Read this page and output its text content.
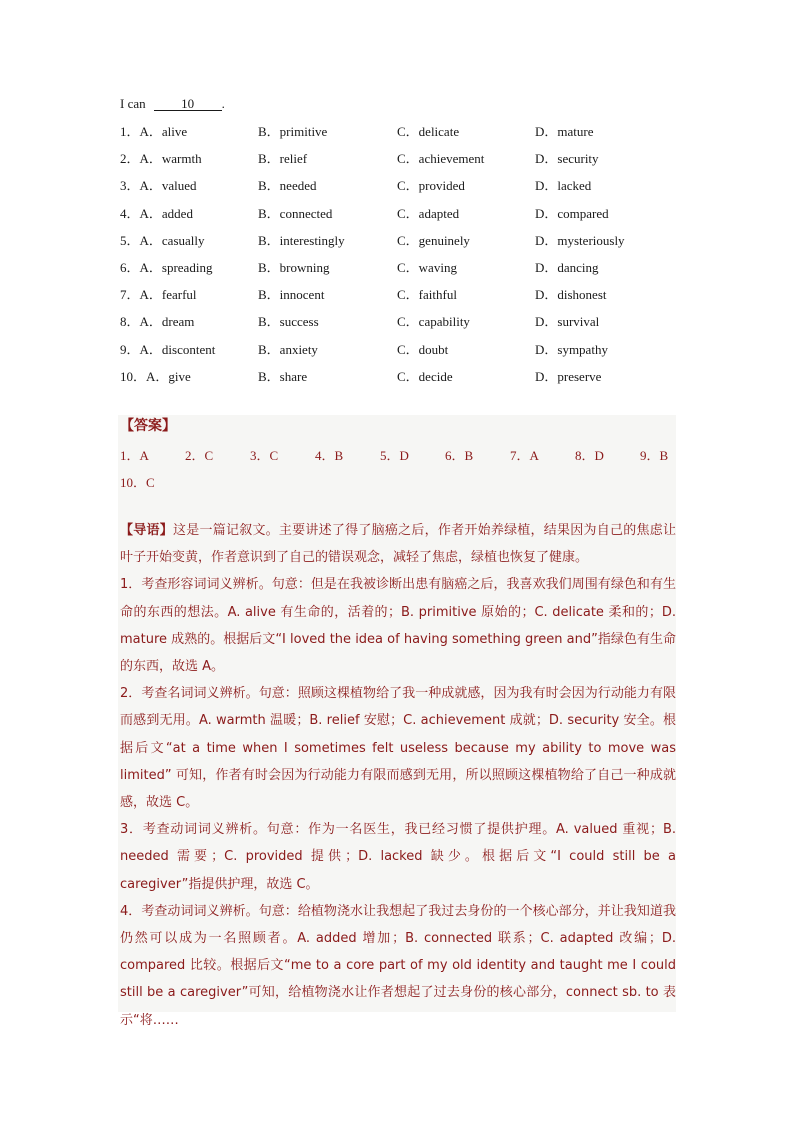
I can	10 .
1．A．alive	B．primitive	C．delicate	D．mature
2．A．warmth	B．relief	C．achievement	D．security
3．A．valued	B．needed	C．provided	D．lacked
4．A．added	B．connected	C．adapted	D．compared
5．A．casually	B．interestingly	C．genuinely	D．mysteriously
6．A．spreading	B．browning	C．waving	D．dancing
7．A．fearful	B．innocent	C．faithful	D．dishonest
8．A．dream	B．success	C．capability	D．survival
9．A．discontent	B．anxiety	C．doubt	D．sympathy
10．A．give	B．share	C．decide	D．preserve
【答案】
1．A	2．C	3．C	4．B	5．D	6．B	7．A	8．D	9．B
10．C

【导语】这是一篇记叙文。主要讲述了得了脑癌之后，作者开始养绿植，结果因为自己的焦虑让叶子开始变黄，作者意识到了自己的错误观念，减轻了焦虑，绿植也恢复了健康。

1．考查形容词词义辨析。句意：但是在我被诊断出患有脑癌之后，我喜欢我们周围有绿色和有生命的东西的想法。A. alive 有生命的，活着的；B. primitive 原始的；C. delicate 柔和的；D. mature 成熟的。根据后文“I loved the idea of having something green and”指绿色有生命的东西，故选 A。

2．考查名词词义辨析。句意：照顾这棵植物给了我一种成就感，因为我有时会因为行动能力有限而感到无用。A. warmth 温暖；B. relief 安慰；C. achievement 成就；D. security 安全。根据后文“at a time when I sometimes felt useless because my ability to move was limited” 可知，作者有时会因为行动能力有限而感到无用，所以照顾这棵植物给了自己一种成就感，故选 C。

3．考查动词词义辨析。句意：作为一名医生，我已经习惯了提供护理。A. valued 重视；B. needed 需要；C. provided 提供；D. lacked 缺少。根据后文“I could still be a caregiver”指提供护理，故选 C。

4．考查动词词义辨析。句意：给植物浇水让我想起了我过去身份的一个核心部分，并让我知道我仍然可以成为一名照顾者。A. added 增加；B. connected 联系；C. adapted 改编；D. compared 比较。根据后文“me to a core part of my old identity and taught me I could still be a caregiver”可知，给植物浇水让作者想起了过去身份的核心部分，connect sb. to 表示“将……
